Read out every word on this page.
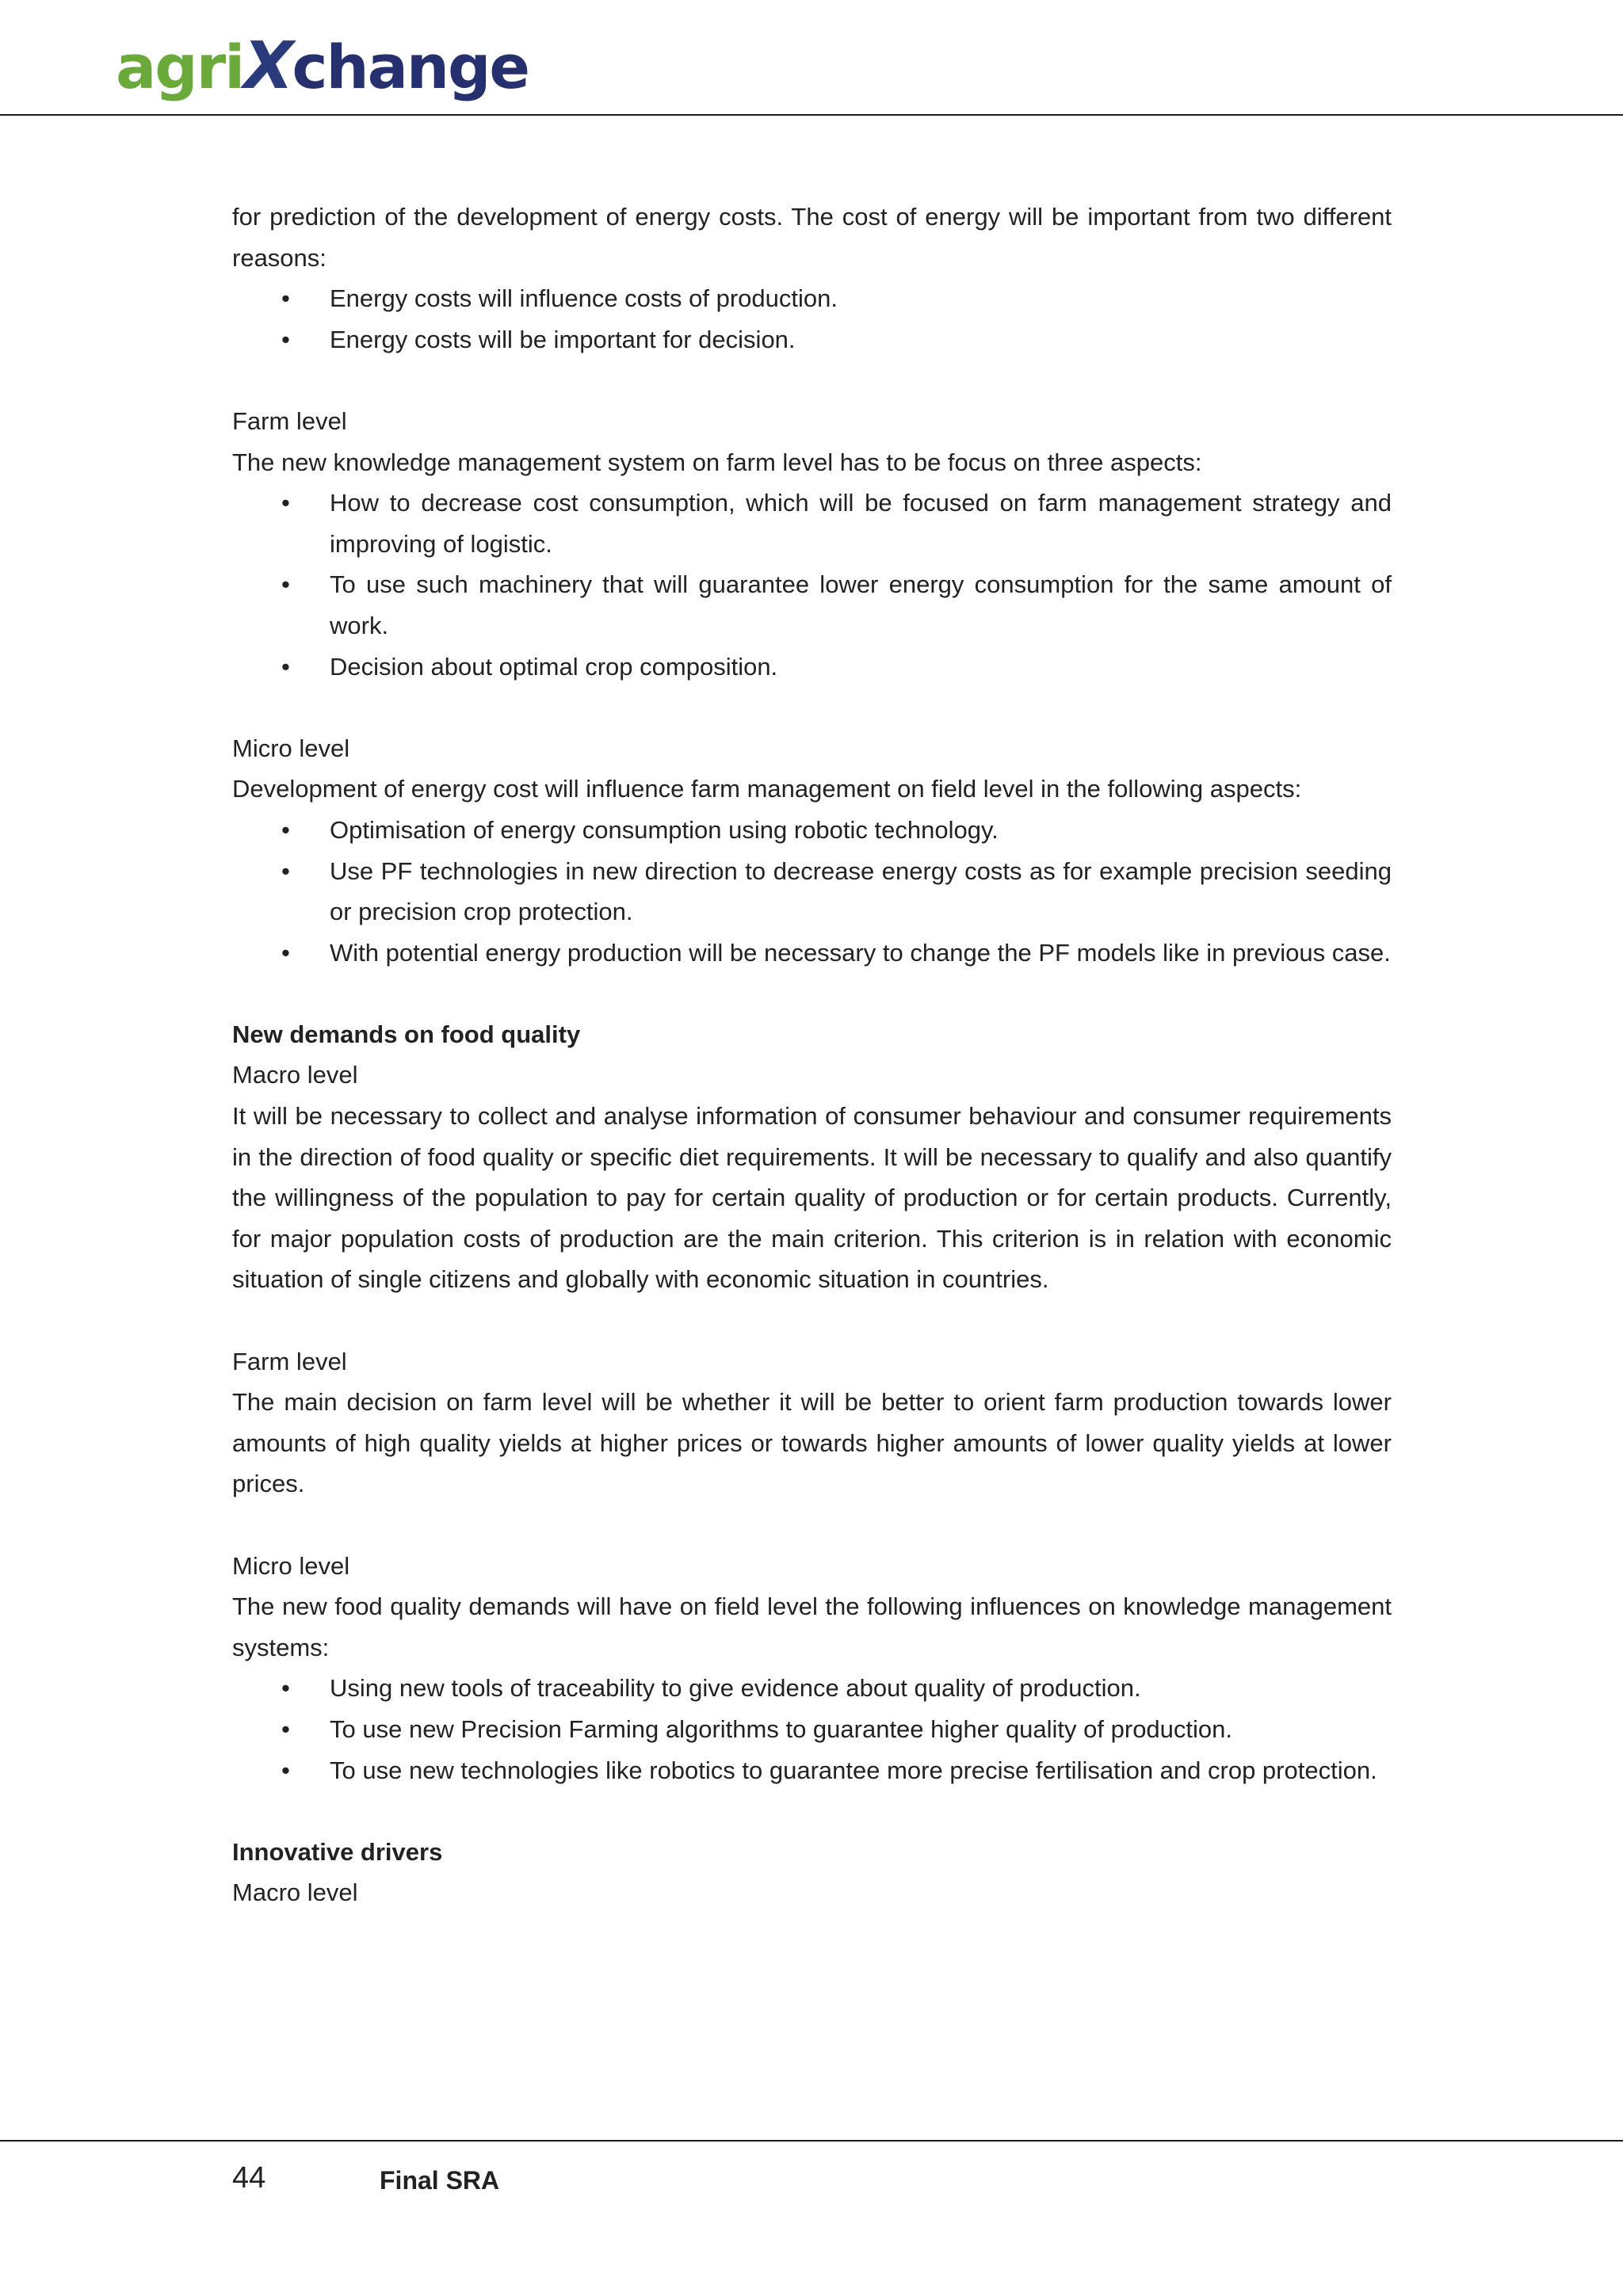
agriXchange

for prediction of the development of energy costs. The cost of energy will be important from two different reasons:

• Energy costs will influence costs of production.
• Energy costs will be important for decision.

Farm level

The new knowledge management system on farm level has to be focus on three aspects:

• How to decrease cost consumption, which will be focused on farm management strategy and improving of logistic.
• To use such machinery that will guarantee lower energy consumption for the same amount of work.
• Decision about optimal crop composition.

Micro level

Development of energy cost will influence farm management on field level in the following aspects:

• Optimisation of energy consumption using robotic technology.
• Use PF technologies in new direction to decrease energy costs as for example precision seeding or precision crop protection.
• With potential energy production will be necessary to change the PF models like in previous case.

New demands on food quality

Macro level

It will be necessary to collect and analyse information of consumer behaviour and consumer requirements in the direction of food quality or specific diet requirements. It will be necessary to qualify and also quantify the willingness of the population to pay for certain quality of production or for certain products. Currently, for major population costs of production are the main criterion. This criterion is in relation with economic situation of single citizens and globally with economic situation in countries.

Farm level

The main decision on farm level will be whether it will be better to orient farm production towards lower amounts of high quality yields at higher prices or towards higher amounts of lower quality yields at lower prices.

Micro level

The new food quality demands will have on field level the following influences on knowledge management systems:

• Using new tools of traceability to give evidence about quality of production.
• To use new Precision Farming algorithms to guarantee higher quality of production.
• To use new technologies like robotics to guarantee more precise fertilisation and crop protection.

Innovative drivers

Macro level

44	Final SRA
